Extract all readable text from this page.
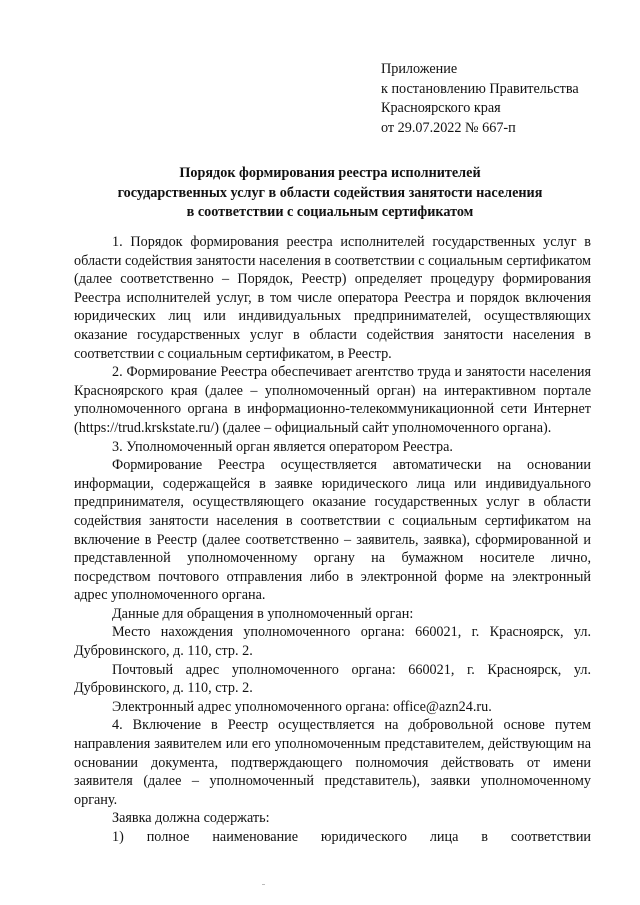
Приложение
к постановлению Правительства
Красноярского края
от 29.07.2022 № 667-п
Порядок формирования реестра исполнителей
государственных услуг в области содействия занятости населения
в соответствии с социальным сертификатом

1. Порядок формирования реестра исполнителей государственных услуг в области содействия занятости населения в соответствии с социальным сертификатом (далее соответственно – Порядок, Реестр) определяет процедуру формирования Реестра исполнителей услуг, в том числе оператора Реестра и порядок включения юридических лиц или индивидуальных предпринимателей, осуществляющих оказание государственных услуг в области содействия занятости населения в соответствии с социальным сертификатом, в Реестр.

2. Формирование Реестра обеспечивает агентство труда и занятости населения Красноярского края (далее – уполномоченный орган) на интерактивном портале уполномоченного органа в информационно-телекоммуникационной сети Интернет (https://trud.krskstate.ru/) (далее – официальный сайт уполномоченного органа).

3. Уполномоченный орган является оператором Реестра.

Формирование Реестра осуществляется автоматически на основании информации, содержащейся в заявке юридического лица или индивидуального предпринимателя, осуществляющего оказание государственных услуг в области содействия занятости населения в соответствии с социальным сертификатом на включение в Реестр (далее соответственно – заявитель, заявка), сформированной и представленной уполномоченному органу на бумажном носителе лично, посредством почтового отправления либо в электронной форме на электронный адрес уполномоченного органа.

Данные для обращения в уполномоченный орган:

Место нахождения уполномоченного органа: 660021, г. Красноярск, ул. Дубровинского, д. 110, стр. 2.

Почтовый адрес уполномоченного органа: 660021, г. Красноярск, ул. Дубровинского, д. 110, стр. 2.

Электронный адрес уполномоченного органа: office@azn24.ru.

4. Включение в Реестр осуществляется на добровольной основе путем направления заявителем или его уполномоченным представителем, действующим на основании документа, подтверждающего полномочия действовать от имени заявителя (далее – уполномоченный представитель), заявки уполномоченному органу.

Заявка должна содержать:

1) полное наименование юридического лица в соответствии
